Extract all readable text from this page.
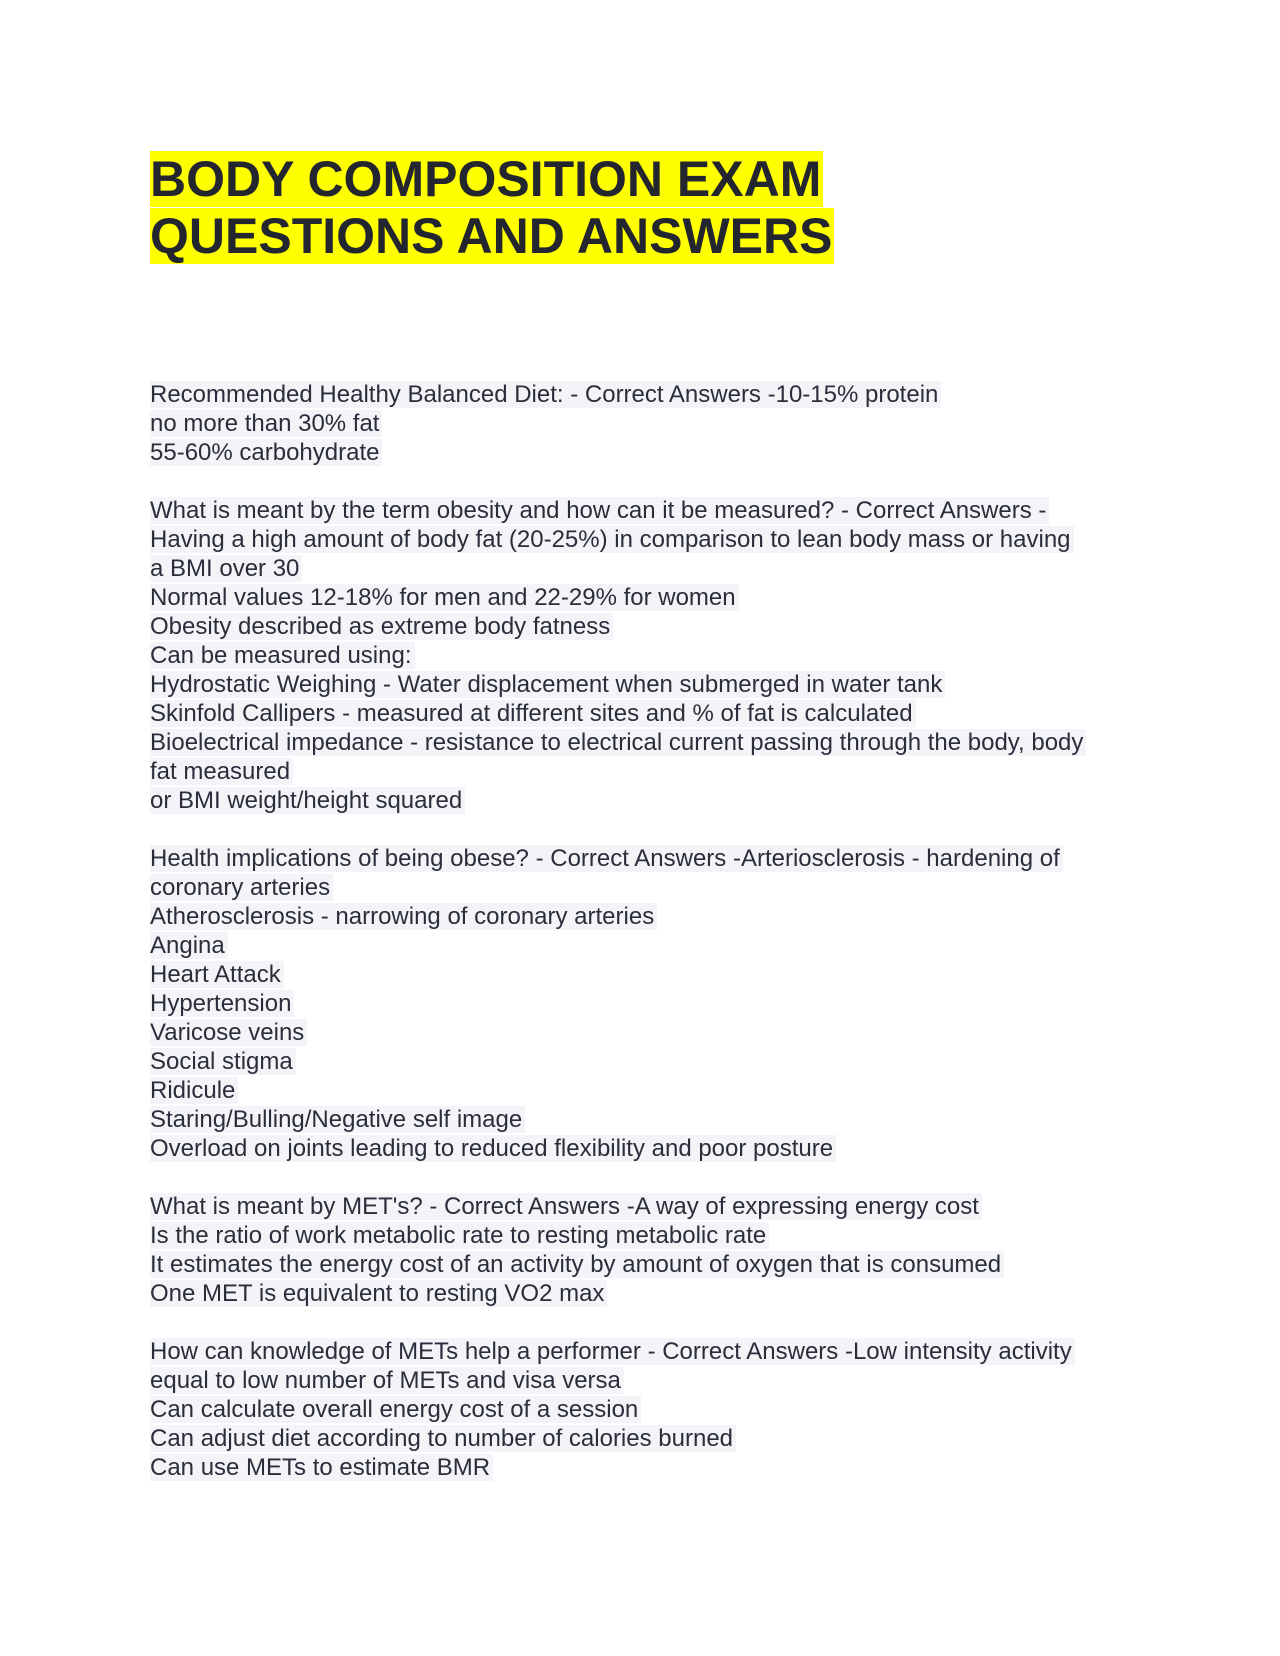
BODY COMPOSITION EXAM
QUESTIONS AND ANSWERS
Recommended Healthy Balanced Diet: - Correct Answers -10-15% protein
no more than 30% fat
55-60% carbohydrate
What is meant by the term obesity and how can it be measured? - Correct Answers -
Having a high amount of body fat (20-25%) in comparison to lean body mass or having
a BMI over 30
Normal values 12-18% for men and 22-29% for women
Obesity described as extreme body fatness
Can be measured using:
Hydrostatic Weighing - Water displacement when submerged in water tank
Skinfold Callipers - measured at different sites and % of fat is calculated
Bioelectrical impedance - resistance to electrical current passing through the body, body
fat measured
or BMI weight/height squared
Health implications of being obese? - Correct Answers -Arteriosclerosis - hardening of
coronary arteries
Atherosclerosis - narrowing of coronary arteries
Angina
Heart Attack
Hypertension
Varicose veins
Social stigma
Ridicule
Staring/Bulling/Negative self image
Overload on joints leading to reduced flexibility and poor posture
What is meant by MET's? - Correct Answers -A way of expressing energy cost
Is the ratio of work metabolic rate to resting metabolic rate
It estimates the energy cost of an activity by amount of oxygen that is consumed
One MET is equivalent to resting VO2 max
How can knowledge of METs help a performer - Correct Answers -Low intensity activity
equal to low number of METs and visa versa
Can calculate overall energy cost of a session
Can adjust diet according to number of calories burned
Can use METs to estimate BMR
